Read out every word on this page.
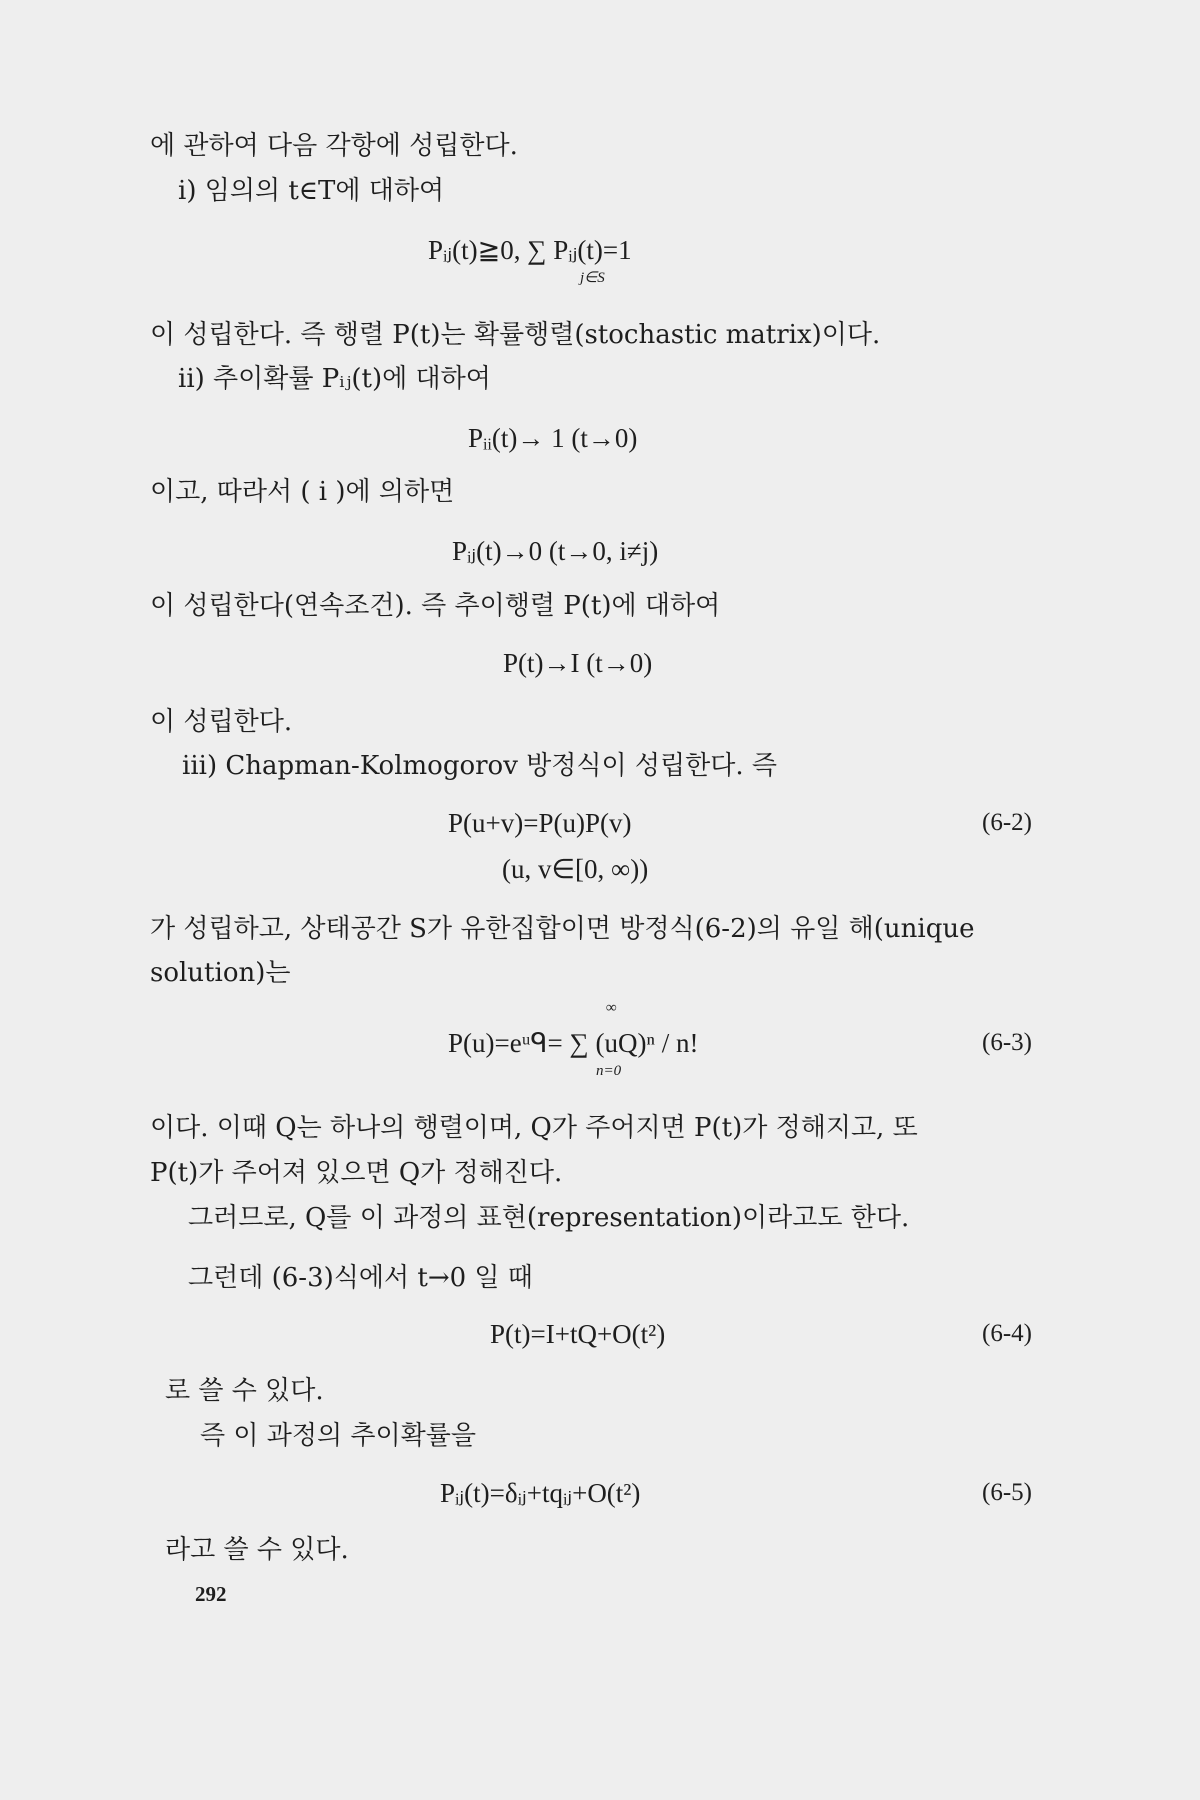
에 관하여 다음 각항에 성립한다.
i) 임의의 t∈T에 대하여
Pᵢⱼ(t)≧0, ∑ Pᵢⱼ(t)=1
j∈S
이 성립한다. 즉 행렬 P(t)는 확률행렬(stochastic matrix)이다.
ii) 추이확률 Pᵢⱼ(t)에 대하여
Pᵢᵢ(t)→ 1 (t→0)
이고, 따라서 ( i )에 의하면
Pᵢⱼ(t)→0 (t→0, i≠j)
이 성립한다(연속조건). 즉 추이행렬 P(t)에 대하여
P(t)→I (t→0)
이 성립한다.
iii) Chapman-Kolmogorov 방정식이 성립한다. 즉
P(u+v)=P(u)P(v)	(6-2)
(u, v∈[0, ∞))
가 성립하고, 상태공간 S가 유한집합이면 방정식(6-2)의 유일 해(unique
solution)는
∞
P(u)=eᵘᑫ= ∑ (uQ)ⁿ / n!
n=0
(6-3)
이다. 이때 Q는 하나의 행렬이며, Q가 주어지면 P(t)가 정해지고, 또
P(t)가 주어져 있으면 Q가 정해진다.
그러므로, Q를 이 과정의 표현(representation)이라고도 한다.
그런데 (6-3)식에서 t→0 일 때
P(t)=I+tQ+O(t²)	(6-4)
로 쓸 수 있다.
즉 이 과정의 추이확률을
Pᵢⱼ(t)=δᵢⱼ+tqᵢⱼ+O(t²)	(6-5)
라고 쓸 수 있다.
292
